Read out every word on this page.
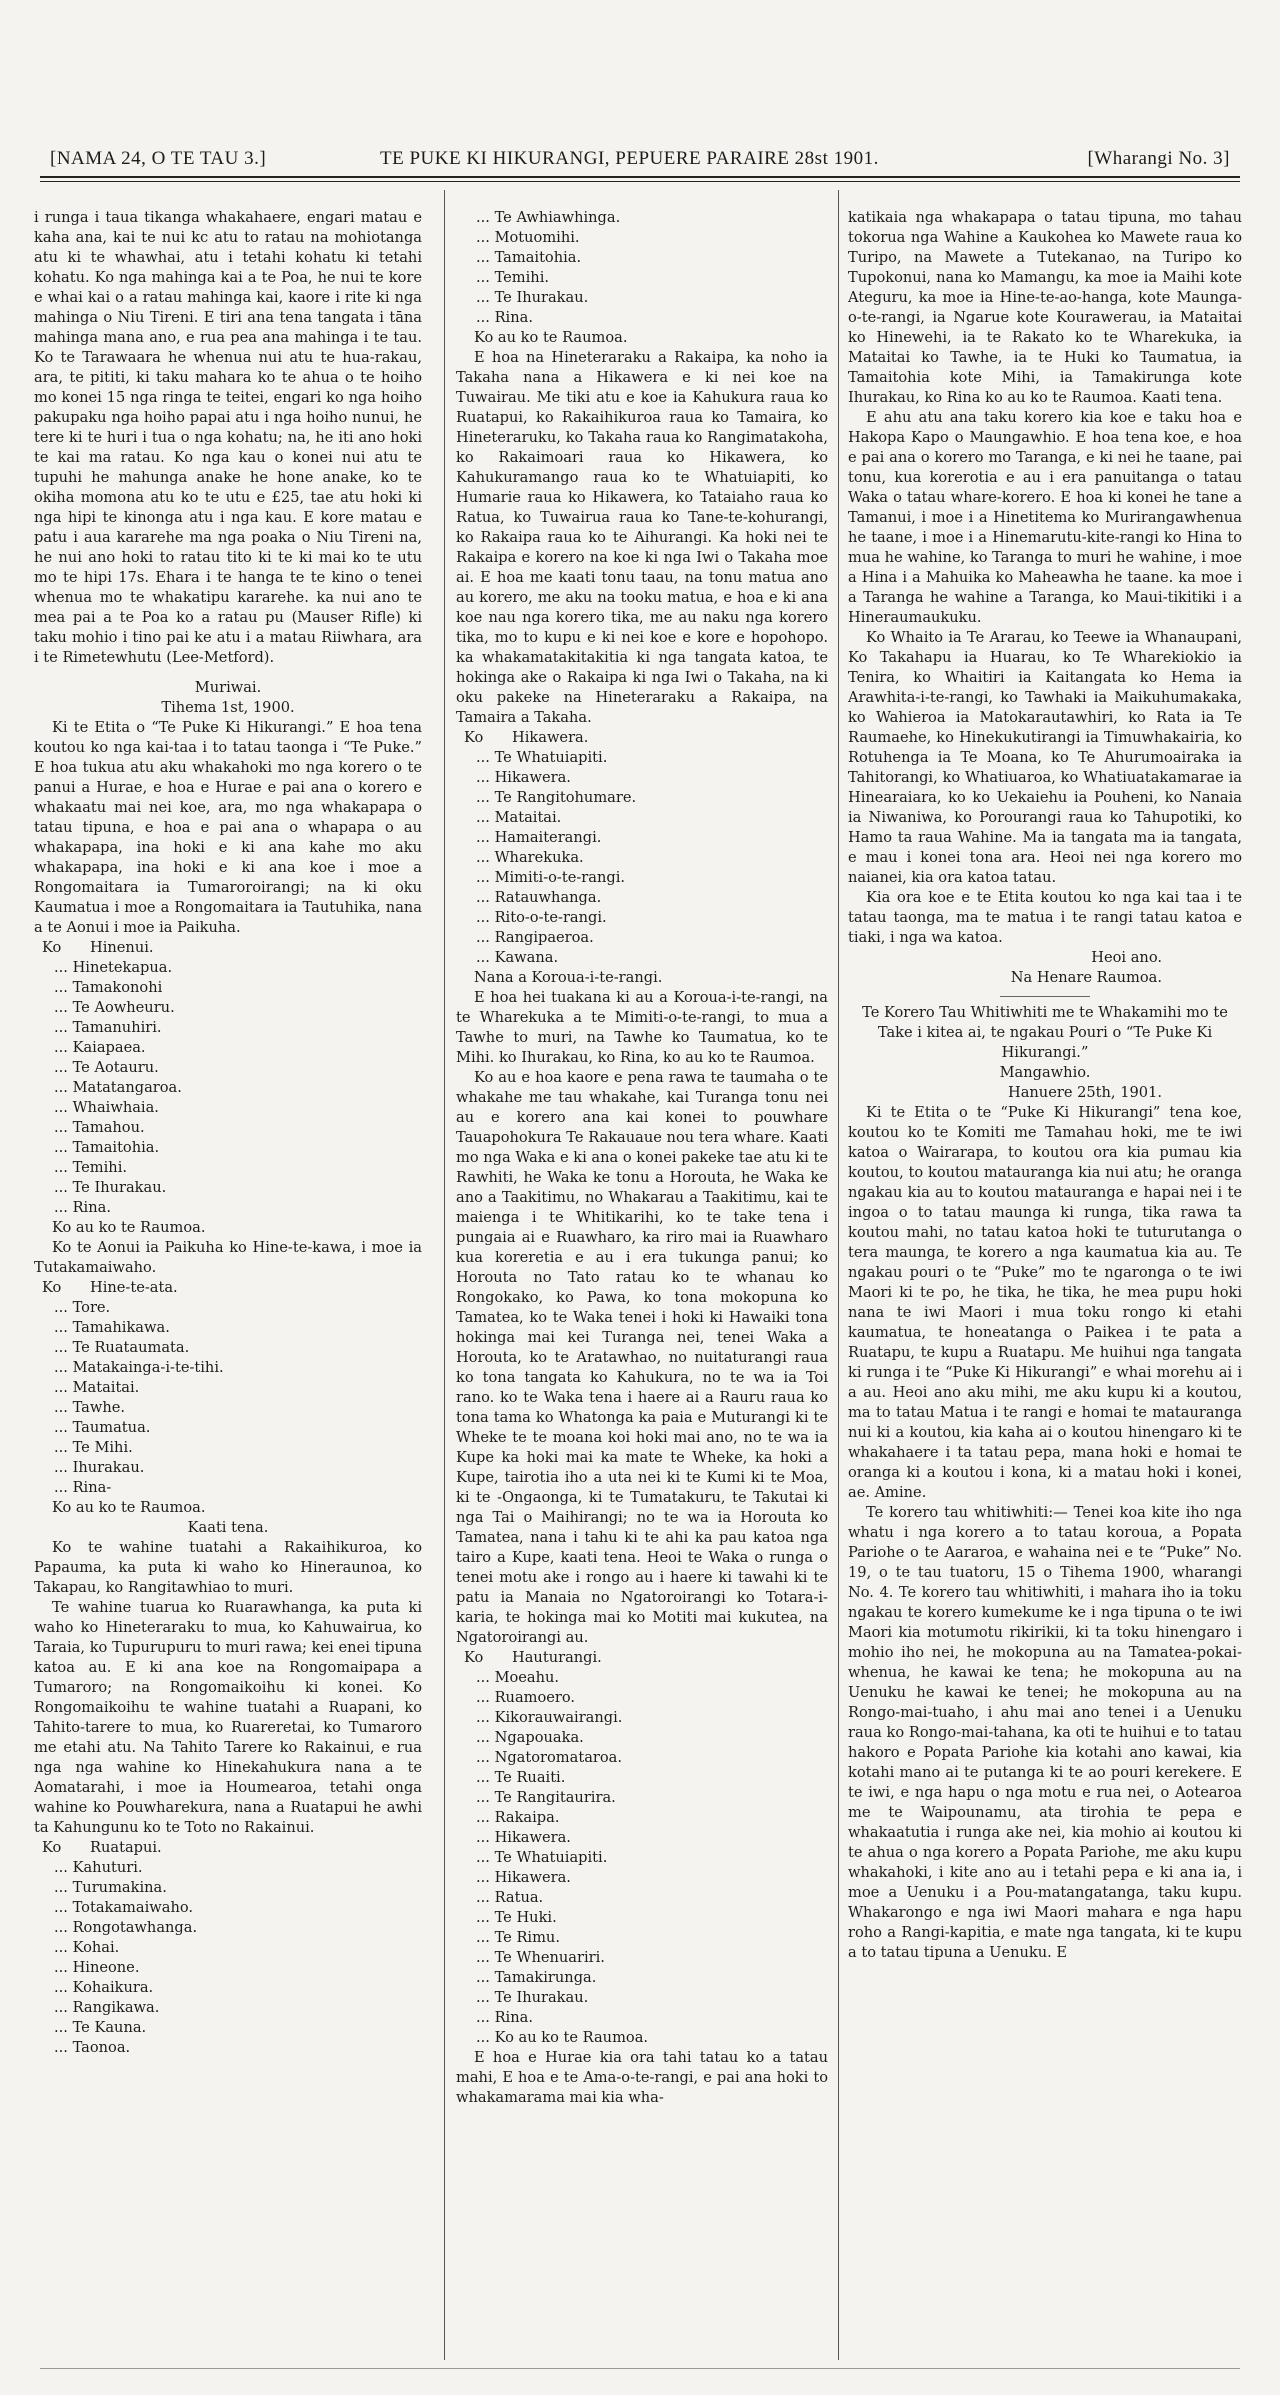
[NAMA 24, O TE TAU 3.]	TE PUKE KI HIKURANGI, PEPUERE PARAIRE 28st 1901.	[Wharangi No. 3]

i runga i taua tikanga whakahaere, engari matau e kaha ana, kai te nui kc atu to ratau na mohiotanga atu ki te whawhai, atu i tetahi kohatu ki tetahi kohatu. Ko nga mahinga kai a te Poa, he nui te kore e whai kai o a ratau mahinga kai, kaore i rite ki nga mahinga o Niu Tireni. E tiri ana tena tangata i tāna mahinga mana ano, e rua pea ana mahinga i te tau. Ko te Tarawaara he whenua nui atu te hua-rakau, ara, te pititi, ki taku mahara ko te ahua o te hoiho mo konei 15 nga ringa te teitei, engari ko nga hoiho pakupaku nga hoiho papai atu i nga hoiho nunui, he tere ki te huri i tua o nga kohatu; na, he iti ano hoki te kai ma ratau. Ko nga kau o konei nui atu te tupuhi he mahunga anake he hone anake, ko te okiha momona atu ko te utu e £25, tae atu hoki ki nga hipi te kinonga atu i nga kau. E kore matau e patu i aua kararehe ma nga poaka o Niu Tireni na, he nui ano hoki to ratau tito ki te ki mai ko te utu mo te hipi 17s. Ehara i te hanga te te kino o tenei whenua mo te whakatipu kararehe. ka nui ano te mea pai a te Poa ko a ratau pu (Mauser Rifle) ki taku mohio i tino pai ke atu i a matau Riiwhara, ara i te Rimetewhutu (Lee-Metford).

Muriwai.
Tihema 1st, 1900.

Ki te Etita o “Te Puke Ki Hikurangi.” E hoa tena koutou ko nga kai-taa i to tatau taonga i “Te Puke.” E hoa tukua atu aku whakahoki mo nga korero o te panui a Hurae, e hoa e Hurae e pai ana o korero e whakaatu mai nei koe, ara, mo nga whakapapa o tatau tipuna, e hoa e pai ana o whapapa o au whakapapa, ina hoki e ki ana kahe mo aku whakapapa, ina hoki e ki ana koe i moe a Rongomaitara ia Tumaroroirangi; na ki oku Kaumatua i moe a Rongomaitara ia Tautuhika, nana a te Aonui i moe ia Paikuha.

Ko Hinenui.
... Hinetekapua.
... Tamakonohi
... Te Aowheuru.
... Tamanuhiri.
... Kaiapaea.
... Te Aotauru.
... Matatangaroa.
... Whaiwhaia.
... Tamahou.
... Tamaitohia.
... Temihi.
... Te Ihurakau.
... Rina.

Ko au ko te Raumoa.

Ko te Aonui ia Paikuha ko Hine-te-kawa, i moe ia Tutakamaiwaho.

Ko Hine-te-ata.
... Tore.
... Tamahikawa.
... Te Ruataumata.
... Matakainga-i-te-tihi.
... Mataitai.
... Tawhe.
... Taumatua.
... Te Mihi.
... Ihurakau.
... Rina-

Ko au ko te Raumoa.

Kaati tena.

Ko te wahine tuatahi a Rakaihikuroa, ko Papauma, ka puta ki waho ko Hineraunoa, ko Takapau, ko Rangitawhiao to muri.

Te wahine tuarua ko Ruarawhanga, ka puta ki waho ko Hineteraraku to mua, ko Kahuwairua, ko Taraia, ko Tupurupuru to muri rawa; kei enei tipuna katoa au. E ki ana koe na Rongomaipapa a Tumaroro; na Rongomaikoihu ki konei. Ko Rongomaikoihu te wahine tuatahi a Ruapani, ko Tahito-tarere to mua, ko Ruareretai, ko Tumaroro me etahi atu. Na Tahito Tarere ko Rakainui, e rua nga nga wahine ko Hinekahukura nana a te Aomatarahi, i moe ia Houmearoa, tetahi onga wahine ko Pouwharekura, nana a Ruatapui he awhi ta Kahungunu ko te Toto no Rakainui.

Ko Ruatapui.
... Kahuturi.
... Turumakina.
... Totakamaiwaho.
... Rongotawhanga.
... Kohai.
... Hineone.
... Kohaikura.
... Rangikawa.
... Te Kauna.
... Taonoa.
... Te Awhiawhinga.
... Motuomihi.
... Tamaitohia.
... Temihi.
... Te Ihurakau.
... Rina.

Ko au ko te Raumoa.

E hoa na Hineteraraku a Rakaipa, ka noho ia Takaha nana a Hikawera e ki nei koe na Tuwairau. Me tiki atu e koe ia Kahukura raua ko Ruatapui, ko Rakaihikuroa raua ko Tamaira, ko Hineteraruku, ko Takaha raua ko Rangimatakoha, ko Rakaimoari raua ko Hikawera, ko Kahukuramango raua ko te Whatuiapiti, ko Humarie raua ko Hikawera, ko Tataiaho raua ko Ratua, ko Tuwairua raua ko Tane-te-kohurangi, ko Rakaipa raua ko te Aihurangi. Ka hoki nei te Rakaipa e korero na koe ki nga Iwi o Takaha moe ai. E hoa me kaati tonu taau, na tonu matua ano au korero, me aku na tooku matua, e hoa e ki ana koe nau nga korero tika, me au naku nga korero tika, mo to kupu e ki nei koe e kore e hopohopo. ka whakamatakitakitia ki nga tangata katoa, te hokinga ake o Rakaipa ki nga Iwi o Takaha, na ki oku pakeke na Hineteraraku a Rakaipa, na Tamaira a Takaha.

Ko Hikawera.
... Te Whatuiapiti.
... Hikawera.
... Te Rangitohumare.
... Mataitai.
... Hamaiterangi.
... Wharekuka.
... Mimiti-o-te-rangi.
... Ratauwhanga.
... Rito-o-te-rangi.
... Rangipaeroa.
... Kawana.

Nana a Koroua-i-te-rangi.

E hoa hei tuakana ki au a Koroua-i-te-rangi, na te Wharekuka a te Mimiti-o-te-rangi, to mua a Tawhe to muri, na Tawhe ko Taumatua, ko te Mihi. ko Ihurakau, ko Rina, ko au ko te Raumoa.

Ko au e hoa kaore e pena rawa te taumaha o te whakahe me tau whakahe, kai Turanga tonu nei au e korero ana kai konei to pouwhare Tauapohokura Te Rakauaue nou tera whare. Kaati mo nga Waka e ki ana o konei pakeke tae atu ki te Rawhiti, he Waka ke tonu a Horouta, he Waka ke ano a Taakitimu, no Whakarau a Taakitimu, kai te maienga i te Whitikarihi, ko te take tena i pungaia ai e Ruawharo, ka riro mai ia Ruawharo kua koreretia e au i era tukunga panui; ko Horouta no Tato ratau ko te whanau ko Rongokako, ko Pawa, ko tona mokopuna ko Tamatea, ko te Waka tenei i hoki ki Hawaiki tona hokinga mai kei Turanga nei, tenei Waka a Horouta, ko te Aratawhao, no nuitaturangi raua ko tona tangata ko Kahukura, no te wa ia Toi rano. ko te Waka tena i haere ai a Rauru raua ko tona tama ko Whatonga ka paia e Muturangi ki te Wheke te te moana koi hoki mai ano, no te wa ia Kupe ka hoki mai ka mate te Wheke, ka hoki a Kupe, tairotia iho a uta nei ki te Kumi ki te Moa, ki te -Ongaonga, ki te Tumatakuru, te Takutai ki nga Tai o Maihirangi; no te wa ia Horouta ko Tamatea, nana i tahu ki te ahi ka pau katoa nga tairo a Kupe, kaati tena. Heoi te Waka o runga o tenei motu ake i rongo au i haere ki tawahi ki te patu ia Manaia no Ngatoroirangi ko Totara-i-karia, te hokinga mai ko Motiti mai kukutea, na Ngatoroirangi au.

Ko Hauturangi.
... Moeahu.
... Ruamoero.
... Kikorauwairangi.
... Ngapouaka.
... Ngatoromataroa.
... Te Ruaiti.
... Te Rangitaurira.
... Rakaipa.
... Hikawera.
... Te Whatuiapiti.
... Hikawera.
... Ratua.
... Te Huki.
... Te Rimu.
... Te Whenuariri.
... Tamakirunga.
... Te Ihurakau.
... Rina.
... Ko au ko te Raumoa.

E hoa e Hurae kia ora tahi tatau ko a tatau mahi, E hoa e te Ama-o-te-rangi, e pai ana hoki to whakamarama mai kia wha-

katikaia nga whakapapa o tatau tipuna, mo tahau tokorua nga Wahine a Kaukohea ko Mawete raua ko Turipo, na Mawete a Tutekanao, na Turipo ko Tupokonui, nana ko Mamangu, ka moe ia Maihi kote Ateguru, ka moe ia Hine-te-ao-hanga, kote Maunga-o-te-rangi, ia Ngarue kote Kourawerau, ia Mataitai ko Hinewehi, ia te Rakato ko te Wharekuka, ia Mataitai ko Tawhe, ia te Huki ko Taumatua, ia Tamaitohia kote Mihi, ia Tamakirunga kote Ihurakau, ko Rina ko au ko te Raumoa. Kaati tena.

E ahu atu ana taku korero kia koe e taku hoa e Hakopa Kapo o Maungawhio. E hoa tena koe, e hoa e pai ana o korero mo Taranga, e ki nei he taane, pai tonu, kua korerotia e au i era panuitanga o tatau Waka o tatau whare-korero. E hoa ki konei he tane a Tamanui, i moe i a Hinetitema ko Murirangawhenua he taane, i moe i a Hinemarutu-kite-rangi ko Hina to mua he wahine, ko Taranga to muri he wahine, i moe a Hina i a Mahuika ko Maheawha he taane. ka moe i a Taranga he wahine a Taranga, ko Maui-tikitiki i a Hineraumaukuku.

Ko Whaito ia Te Ararau, ko Teewe ia Whanaupani, Ko Takahapu ia Huarau, ko Te Wharekiokio ia Tenira, ko Whaitiri ia Kaitangata ko Hema ia Arawhita-i-te-rangi, ko Tawhaki ia Maikuhumakaka, ko Wahieroa ia Matokarautawhiri, ko Rata ia Te Raumaehe, ko Hinekukutirangi ia Timuwhakairia, ko Rotuhenga ia Te Moana, ko Te Ahurumoairaka ia Tahitorangi, ko Whatiuaroa, ko Whatiuatakamarae ia Hinearaiara, ko ko Uekaiehu ia Pouheni, ko Nanaia ia Niwaniwa, ko Porourangi raua ko Tahupotiki, ko Hamo ta raua Wahine. Ma ia tangata ma ia tangata, e mau i konei tona ara. Heoi nei nga korero mo naianei, kia ora katoa tatau.

Kia ora koe e te Etita koutou ko nga kai taa i te tatau taonga, ma te matua i te rangi tatau katoa e tiaki, i nga wa katoa.

Heoi ano.
Na Henare Raumoa.
Te Korero Tau Whitiwhiti me te Whakamihi mo te Take i kitea ai, te ngakau Pouri o “Te Puke Ki Hikurangi.”
Mangawhio.
Hanuere 25th, 1901.

Ki te Etita o te “Puke Ki Hikurangi” tena koe, koutou ko te Komiti me Tamahau hoki, me te iwi katoa o Wairarapa, to koutou ora kia pumau kia koutou, to koutou matauranga kia nui atu; he oranga ngakau kia au to koutou matauranga e hapai nei i te ingoa o to tatau maunga ki runga, tika rawa ta koutou mahi, no tatau katoa hoki te tuturutanga o tera maunga, te korero a nga kaumatua kia au. Te ngakau pouri o te “Puke” mo te ngaronga o te iwi Maori ki te po, he tika, he tika, he mea pupu hoki nana te iwi Maori i mua toku rongo ki etahi kaumatua, te honeatanga o Paikea i te pata a Ruatapu, te kupu a Ruatapu. Me huihui nga tangata ki runga i te “Puke Ki Hikurangi” e whai morehu ai i a au. Heoi ano aku mihi, me aku kupu ki a koutou, ma to tatau Matua i te rangi e homai te matauranga nui ki a koutou, kia kaha ai o koutou hinengaro ki te whakahaere i ta tatau pepa, mana hoki e homai te oranga ki a koutou i kona, ki a matau hoki i konei, ae. Amine.

Te korero tau whitiwhiti:— Tenei koa kite iho nga whatu i nga korero a to tatau koroua, a Popata Pariohe o te Aararoa, e wahaina nei e te “Puke” No. 19, o te tau tuatoru, 15 o Tihema 1900, wharangi No. 4. Te korero tau whitiwhiti, i mahara iho ia toku ngakau te korero kumekume ke i nga tipuna o te iwi Maori kia motumotu rikirikii, ki ta toku hinengaro i mohio iho nei, he mokopuna au na Tamatea-pokai-whenua, he kawai ke tena; he mokopuna au na Uenuku he kawai ke tenei; he mokopuna au na Rongo-mai-tuaho, i ahu mai ano tenei i a Uenuku raua ko Rongo-mai-tahana, ka oti te huihui e to tatau hakoro e Popata Pariohe kia kotahi ano kawai, kia kotahi mano ai te putanga ki te ao pouri kerekere. E te iwi, e nga hapu o nga motu e rua nei, o Aotearoa me te Waipounamu, ata tirohia te pepa e whakaatutia i runga ake nei, kia mohio ai koutou ki te ahua o nga korero a Popata Pariohe, me aku kupu whakahoki, i kite ano au i tetahi pepa e ki ana ia, i moe a Uenuku i a Pou-matangatanga, taku kupu. Whakarongo e nga iwi Maori mahara e nga hapu roho a Rangi-kapitia, e mate nga tangata, ki te kupu a to tatau tipuna a Uenuku. E
